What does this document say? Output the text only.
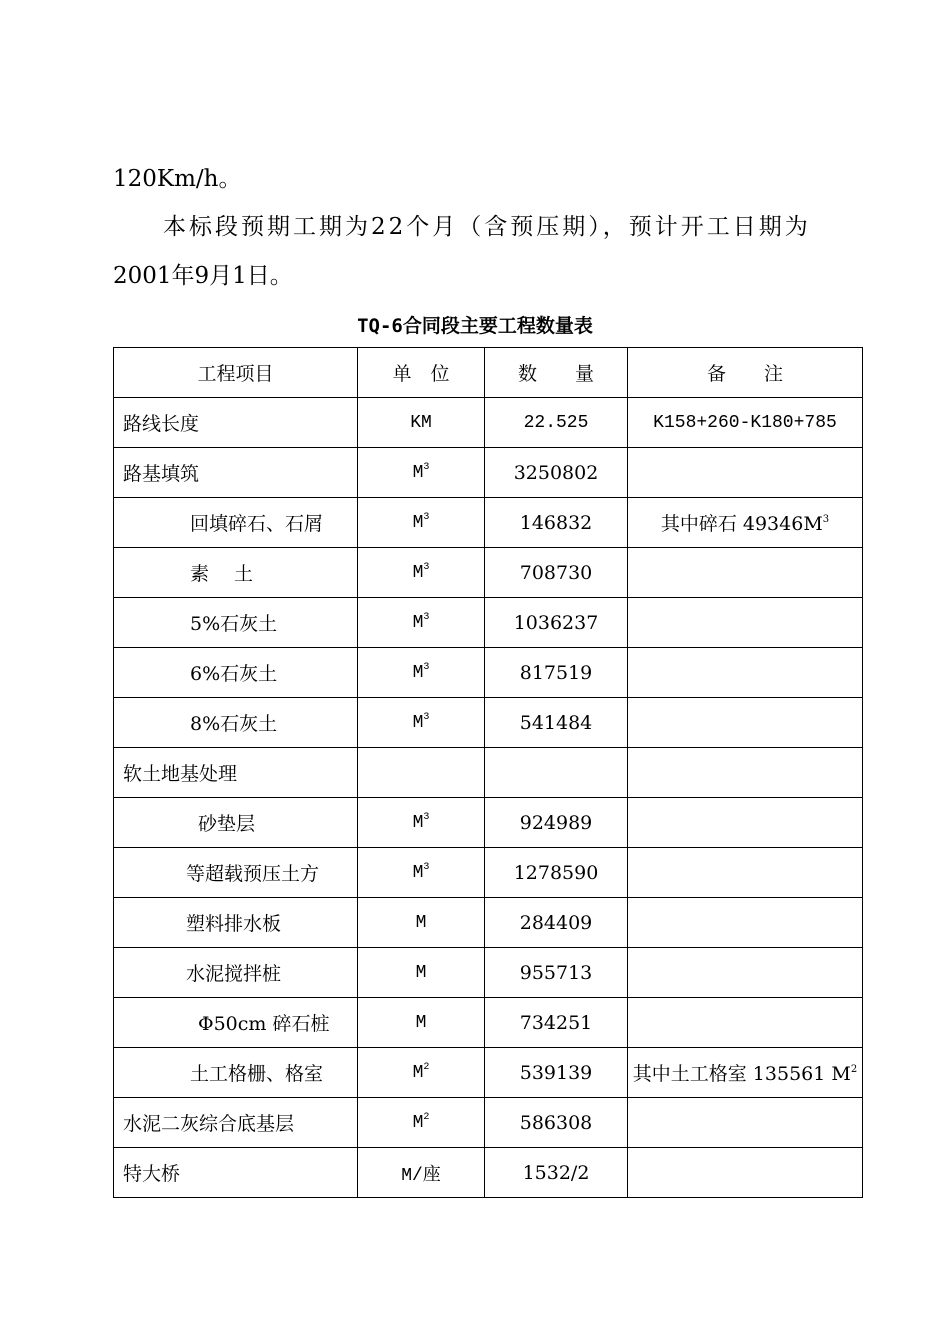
120Km/h。
本标段预期工期为22个月（含预压期），预计开工日期为
2001年9月1日。
TQ-6合同段主要工程数量表
工程项目	单　位	数　　量	备　　注
路线长度	KM	22.525	K158+260-K180+785
路基填筑	$M^3$	3250802	
回填碎石、石屑	$M^3$	146832	其中碎石 $49346M^3$
素　 土	$M^3$	708730	
5%石灰土	$M^3$	1036237	
6%石灰土	$M^3$	817519	
8%石灰土	$M^3$	541484	
软土地基处理			
砂垫层	$M^3$	924989	
等超载预压土方	$M^3$	1278590	
塑料排水板	M	284409	
水泥搅拌桩	M	955713	
Φ50cm 碎石桩	M	734251	
土工格栅、格室	$M^2$	539139	其中土工格室 135561 $M^2$
水泥二灰综合底基层	$M^2$	586308	
特大桥	M/座	1532/2	
